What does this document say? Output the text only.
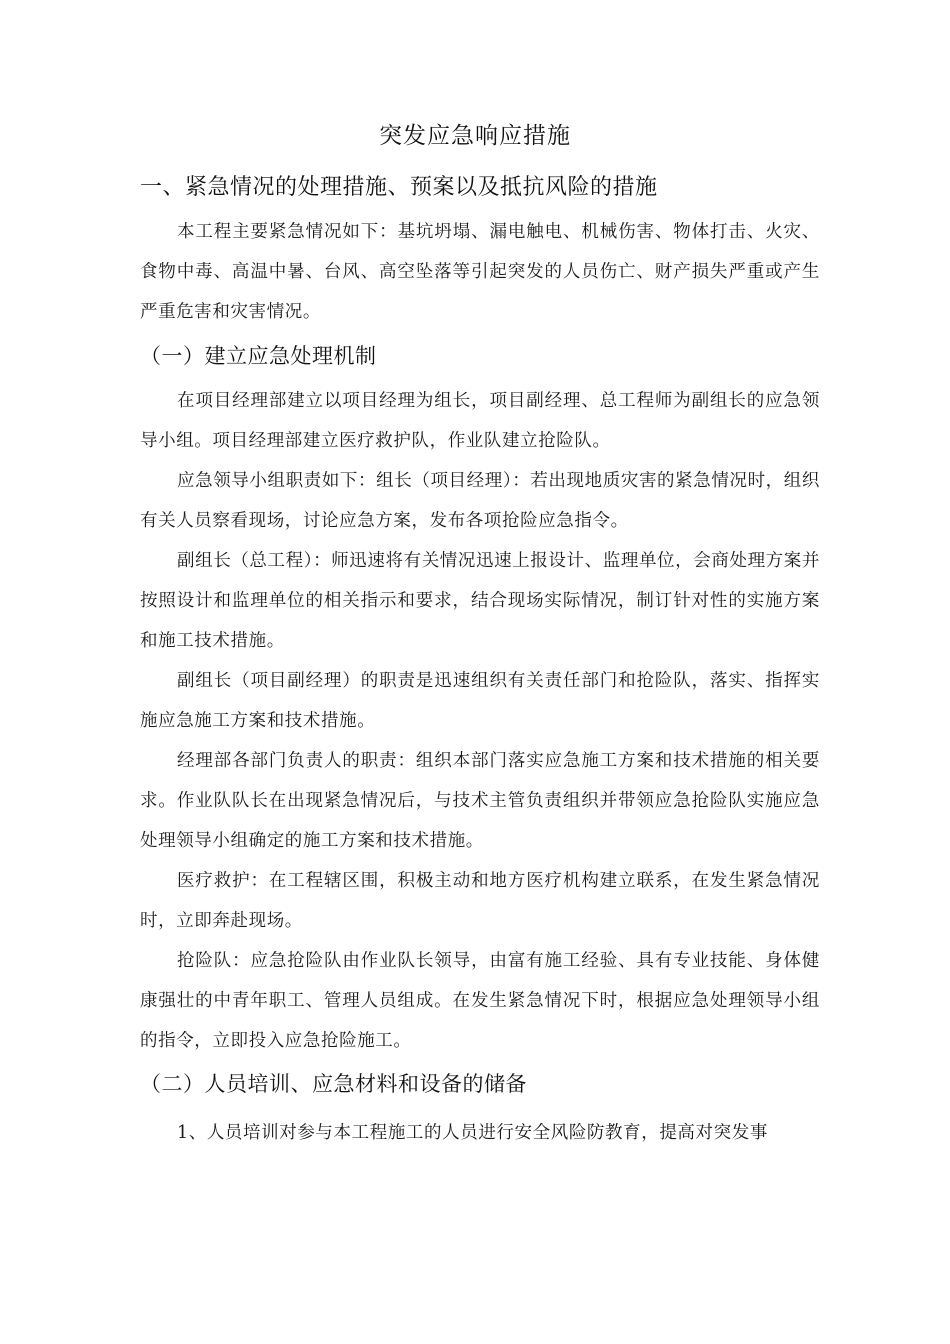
突发应急响应措施
一、紧急情况的处理措施、预案以及抵抗风险的措施

本工程主要紧急情况如下：基坑坍塌、漏电触电、机械伤害、物体打击、火灾、食物中毒、高温中暑、台风、高空坠落等引起突发的人员伤亡、财产损失严重或产生严重危害和灾害情况。

（一）建立应急处理机制

在项目经理部建立以项目经理为组长，项目副经理、总工程师为副组长的应急领导小组。项目经理部建立医疗救护队，作业队建立抢险队。

应急领导小组职责如下：组长（项目经理）：若出现地质灾害的紧急情况时，组织有关人员察看现场，讨论应急方案，发布各项抢险应急指令。

副组长（总工程）：师迅速将有关情况迅速上报设计、监理单位，会商处理方案并按照设计和监理单位的相关指示和要求，结合现场实际情况，制订针对性的实施方案和施工技术措施。

副组长（项目副经理）的职责是迅速组织有关责任部门和抢险队，落实、指挥实施应急施工方案和技术措施。

经理部各部门负责人的职责：组织本部门落实应急施工方案和技术措施的相关要求。作业队队长在出现紧急情况后，与技术主管负责组织并带领应急抢险队实施应急处理领导小组确定的施工方案和技术措施。

医疗救护：在工程辖区围，积极主动和地方医疗机构建立联系，在发生紧急情况时，立即奔赴现场。

抢险队：应急抢险队由作业队长领导，由富有施工经验、具有专业技能、身体健康强壮的中青年职工、管理人员组成。在发生紧急情况下时，根据应急处理领导小组的指令，立即投入应急抢险施工。

（二）人员培训、应急材料和设备的储备

1、人员培训对参与本工程施工的人员进行安全风险防教育，提高对突发事
